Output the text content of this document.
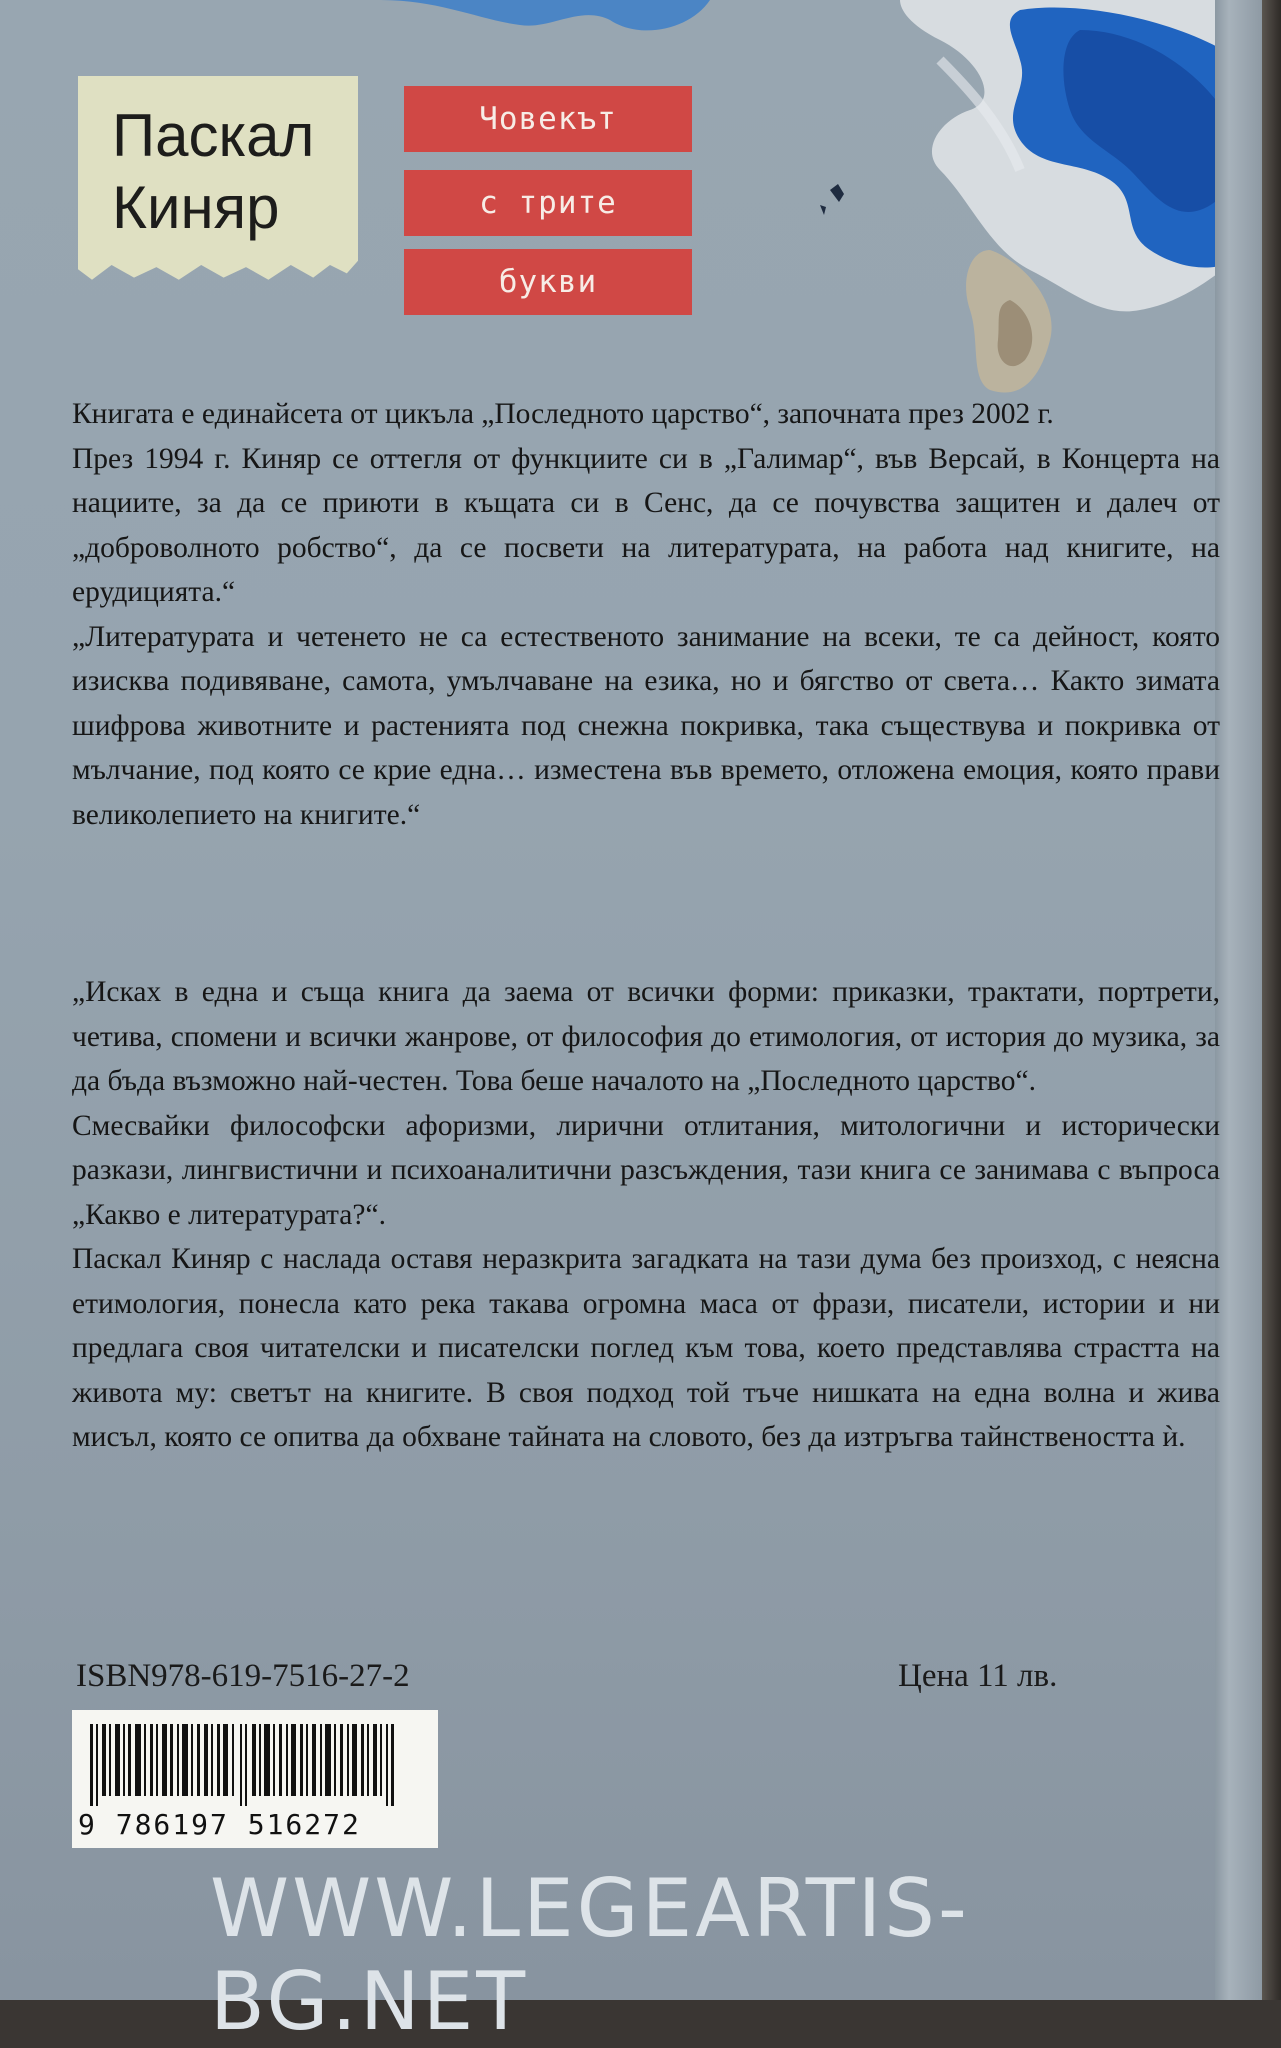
Паскал
Киняр
Човекът
с трите
букви

Книгата е единайсета от цикъла „Последното царство“, започната през 2002 г.

През 1994 г. Киняр се оттегля от функциите си в „Галимар“, във Версай, в Концерта на нациите, за да се приюти в къщата си в Сенс, да се почувства защитен и далеч от „доброволното робство“, да се посвети на литературата, на работа над книгите, на ерудицията.“

„Литературата и четенето не са естественото занимание на всеки, те са дейност, която изисква подивяване, самота, умълчаване на езика, но и бягство от света… Както зимата шифрова животните и растенията под снежна покривка, така съществува и покривка от мълчание, под която се крие една… изместена във времето, отложена емоция, която прави великолепието на книгите.“

„Исках в една и съща книга да заема от всички форми: приказки, трактати, портрети, четива, спомени и всички жанрове, от философия до етимология, от история до музика, за да бъда възможно най-честен. Това беше началото на „Последното царство“.

Смесвайки философски афоризми, лирични отлитания, митологични и исторически разкази, лингвистични и психоаналитични разсъждения, тази книга се занимава с въпроса „Какво е литературата?“.

Паскал Киняр с наслада оставя неразкрита загадката на тази дума без произход, с неясна етимология, понесла като река такава огромна маса от фрази, писатели, истории и ни предлага своя читателски и писателски поглед към това, което представлява страстта на живота му: светът на книгите. В своя подход той тъче нишката на една волна и жива мисъл, която се опитва да обхване тайната на словото, без да изтръгва тайнствеността ѝ.

ISBN978-619-7516-27-2	Цена 11 лв.
9 786197 516272
WWW.LEGEARTIS-BG.NET
